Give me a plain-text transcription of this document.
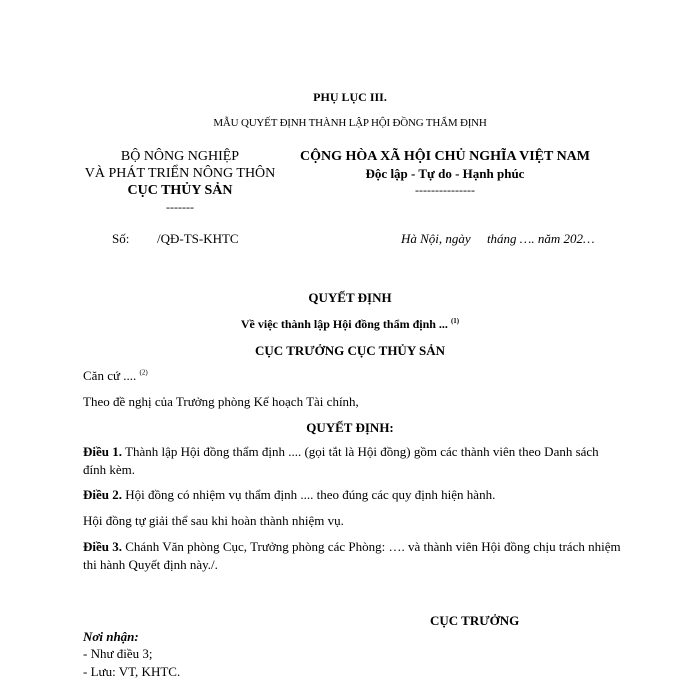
PHỤ LỤC III.
MẪU QUYẾT ĐỊNH THÀNH LẬP HỘI ĐỒNG THẨM ĐỊNH
BỘ NÔNG NGHIỆP
VÀ PHÁT TRIỂN NÔNG THÔN
CỤC THỦY SẢN
-------
CỘNG HÒA XÃ HỘI CHỦ NGHĨA VIỆT NAM
Độc lập - Tự do - Hạnh phúc
---------------
Số: /QĐ-TS-KHTC	Hà Nội, ngày     tháng …. năm 202…
QUYẾT ĐỊNH
Về việc thành lập Hội đồng thẩm định ... $^{(1)}$
CỤC TRƯỞNG CỤC THỦY SẢN
Căn cứ .... $^{(2)}$
Theo đề nghị của Trưởng phòng Kế hoạch Tài chính,
QUYẾT ĐỊNH:
Điều 1. Thành lập Hội đồng thẩm định .... (gọi tắt là Hội đồng) gồm các thành viên theo Danh sách đính kèm.
Điều 2. Hội đồng có nhiệm vụ thẩm định .... theo đúng các quy định hiện hành.
Hội đồng tự giải thể sau khi hoàn thành nhiệm vụ.
Điều 3. Chánh Văn phòng Cục, Trưởng phòng các Phòng: …. và thành viên Hội đồng chịu trách nhiệm thi hành Quyết định này./.
CỤC TRƯỞNG
Nơi nhận:
- Như điều 3;
- Lưu: VT, KHTC.
